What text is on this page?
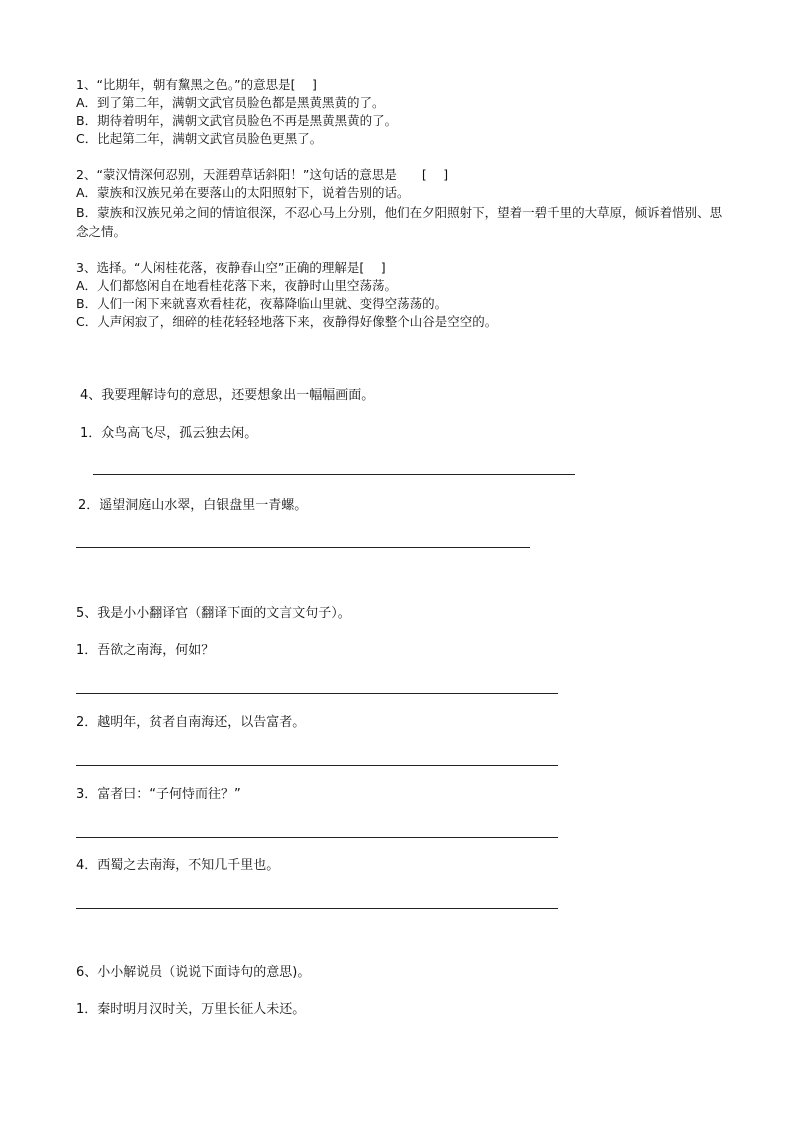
1、“比期年，朝有黧黑之色。”的意思是[　 ]
A．到了第二年，满朝文武官员脸色都是黑黄黑黄的了。
B．期待着明年，满朝文武官员脸色不再是黑黄黑黄的了。
C．比起第二年，满朝文武官员脸色更黑了。
2、“蒙汉情深何忍别，天涯碧草话斜阳！”这句话的意思是　　[　 ]
A．蒙族和汉族兄弟在要落山的太阳照射下，说着告别的话。
B．蒙族和汉族兄弟之间的情谊很深，不忍心马上分别，他们在夕阳照射下，望着一碧千里的大草原，倾诉着惜别、思念之情。
3、选择。“人闲桂花落，夜静春山空”正确的理解是[　 ]
A．人们都悠闲自在地看桂花落下来，夜静时山里空荡荡。
B．人们一闲下来就喜欢看桂花，夜幕降临山里就、变得空荡荡的。
C．人声闲寂了，细碎的桂花轻轻地落下来，夜静得好像整个山谷是空空的。
4、我要理解诗句的意思，还要想象出一幅幅画面。
1．众鸟高飞尽，孤云独去闲。
2．遥望洞庭山水翠，白银盘里一青螺。
5、我是小小翻译官（翻译下面的文言文句子）。
1．吾欲之南海，何如？
2．越明年，贫者自南海还，以告富者。
3．富者曰：“子何恃而往？”
4．西蜀之去南海，不知几千里也。
6、小小解说员（说说下面诗句的意思)。
1．秦时明月汉时关，万里长征人未还。
